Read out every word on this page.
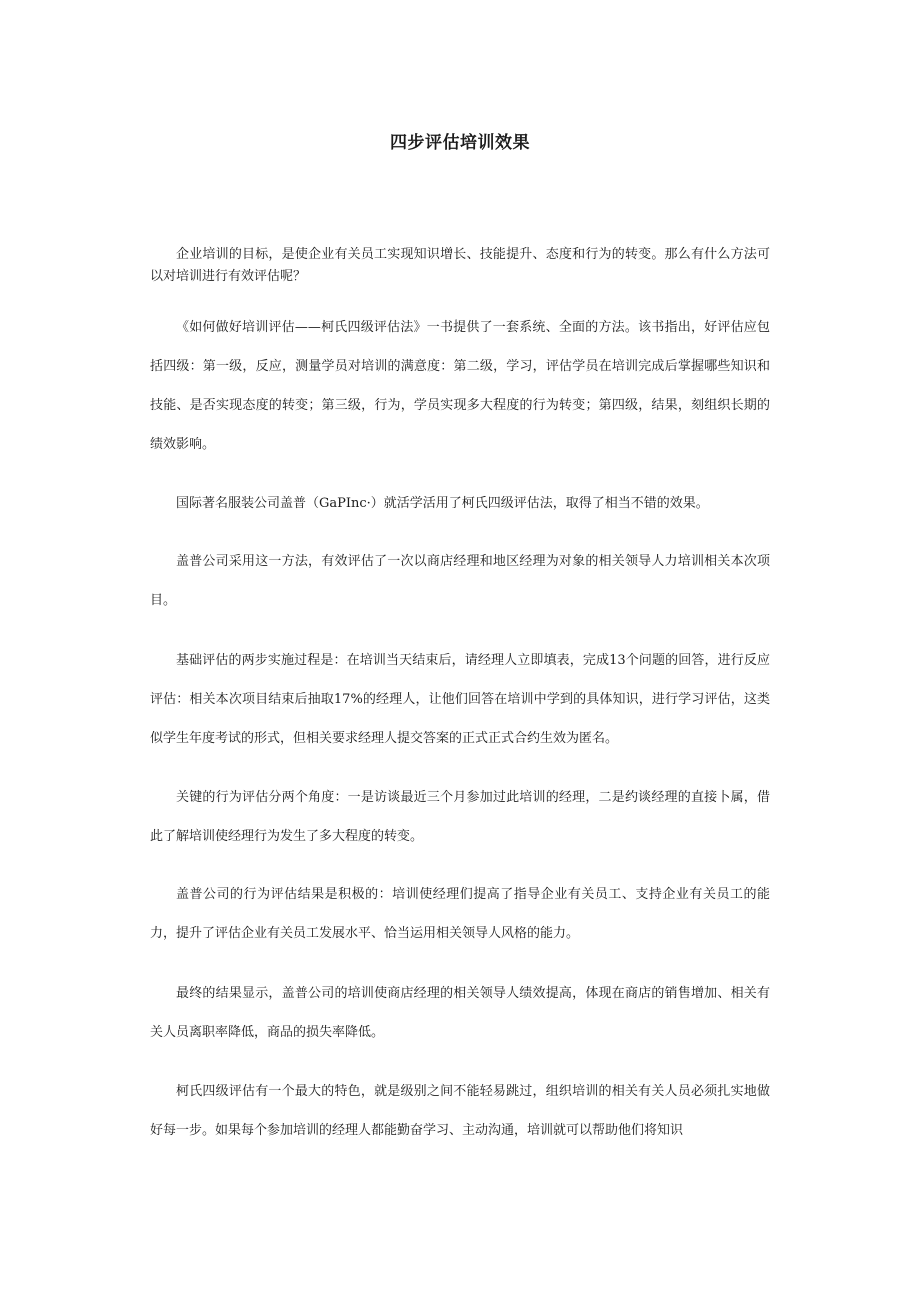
四步评估培训效果

企业培训的目标，是使企业有关员工实现知识增长、技能提升、态度和行为的转变。那么有什么方法可以对培训进行有效评估呢？

《如何做好培训评估——柯氏四级评估法》一书提供了一套系统、全面的方法。该书指出，好评估应包括四级：第一级，反应，测量学员对培训的满意度：第二级，学习，评估学员在培训完成后掌握哪些知识和技能、是否实现态度的转变；第三级，行为，学员实现多大程度的行为转变；第四级，结果，刻组织长期的绩效影响。

国际著名服装公司盖普（GaPInc·）就活学活用了柯氏四级评估法，取得了相当不错的效果。

盖普公司采用这一方法，有效评估了一次以商店经理和地区经理为对象的相关领导人力培训相关本次项目。

基础评估的两步实施过程是：在培训当天结束后，请经理人立即填表，完成13个问题的回答，进行反应评估：相关本次项目结束后抽取17%的经理人，让他们回答在培训中学到的具体知识，进行学习评估，这类似学生年度考试的形式，但相关要求经理人提交答案的正式正式合约生效为匿名。

关键的行为评估分两个角度：一是访谈最近三个月参加过此培训的经理，二是约谈经理的直接卜属，借此了解培训使经理行为发生了多大程度的转变。

盖普公司的行为评估结果是积极的：培训使经理们提高了指导企业有关员工、支持企业有关员工的能力，提升了评估企业有关员工发展水平、恰当运用相关领导人风格的能力。

最终的结果显示，盖普公司的培训使商店经理的相关领导人绩效提高，体现在商店的销售增加、相关有关人员离职率降低，商品的损失率降低。

柯氏四级评估有一个最大的特色，就是级别之间不能轻易跳过，组织培训的相关有关人员必须扎实地做好每一步。如果每个参加培训的经理人都能勤奋学习、主动沟通，培训就可以帮助他们将知识
